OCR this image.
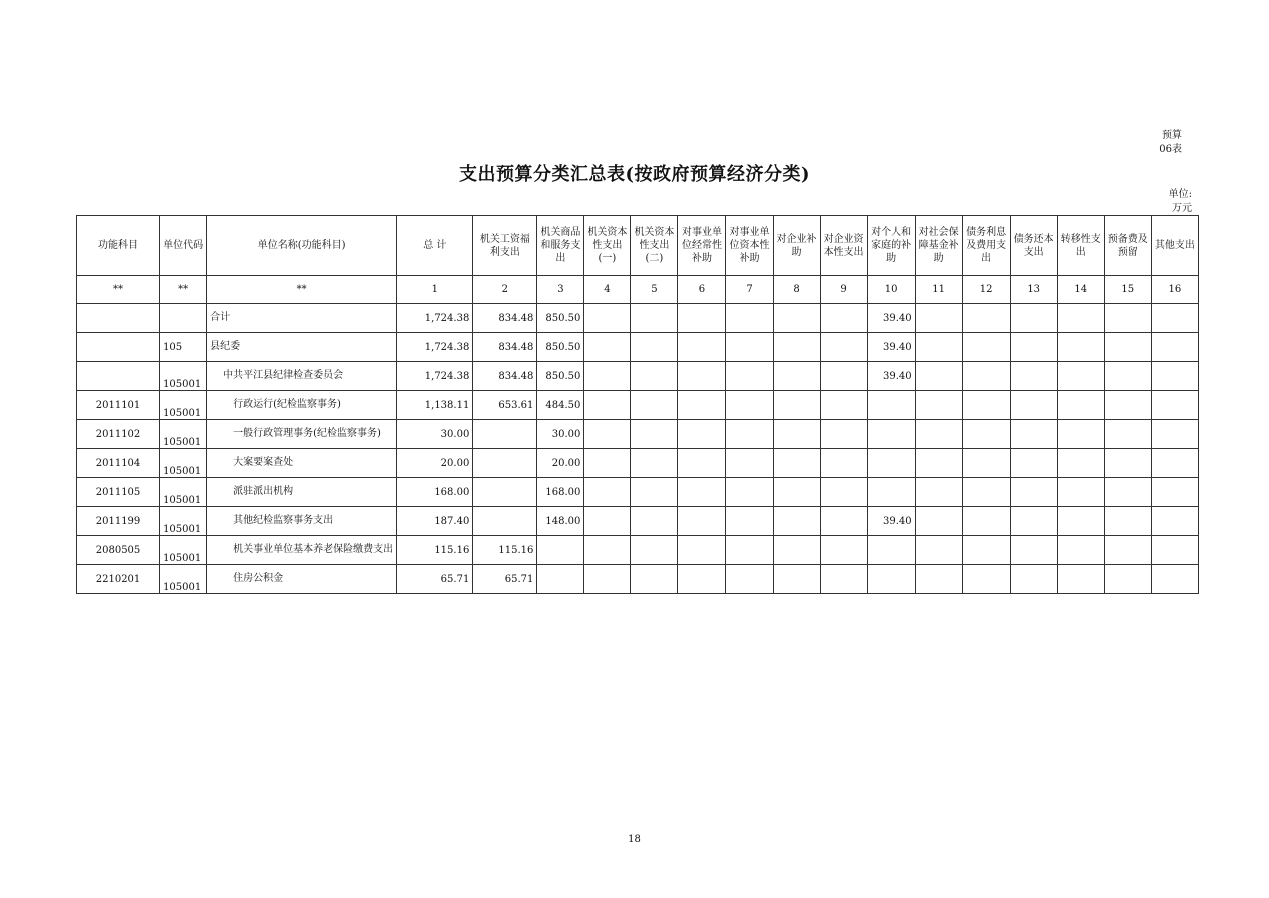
预算
06表
支出预算分类汇总表(按政府预算经济分类)
单位:
万元
功能科目	单位代码	单位名称(功能科目)	总 计	机关工资福利支出	机关商品和服务支出	机关资本性支出(一)	机关资本性支出(二)	对事业单位经常性补助	对事业单位资本性补助	对企业补助	对企业资本性支出	对个人和家庭的补助	对社会保障基金补助	债务利息及费用支出	债务还本支出	转移性支出	预备费及预留	其他支出
**	**	**	1	2	3	4	5	6	7	8	9	10	11	12	13	14	15	16
		合计	1,724.38	834.48	850.50							39.40						
	105	县纪委	1,724.38	834.48	850.50							39.40						
	105001	中共平江县纪律检查委员会	1,724.38	834.48	850.50							39.40						
2011101	105001	行政运行(纪检监察事务)	1,138.11	653.61	484.50													
2011102	105001	一般行政管理事务(纪检监察事务)	30.00		30.00													
2011104	105001	大案要案查处	20.00		20.00													
2011105	105001	派驻派出机构	168.00		168.00													
2011199	105001	其他纪检监察事务支出	187.40		148.00							39.40						
2080505	105001	机关事业单位基本养老保险缴费支出	115.16	115.16														
2210201	105001	住房公积金	65.71	65.71														
18
